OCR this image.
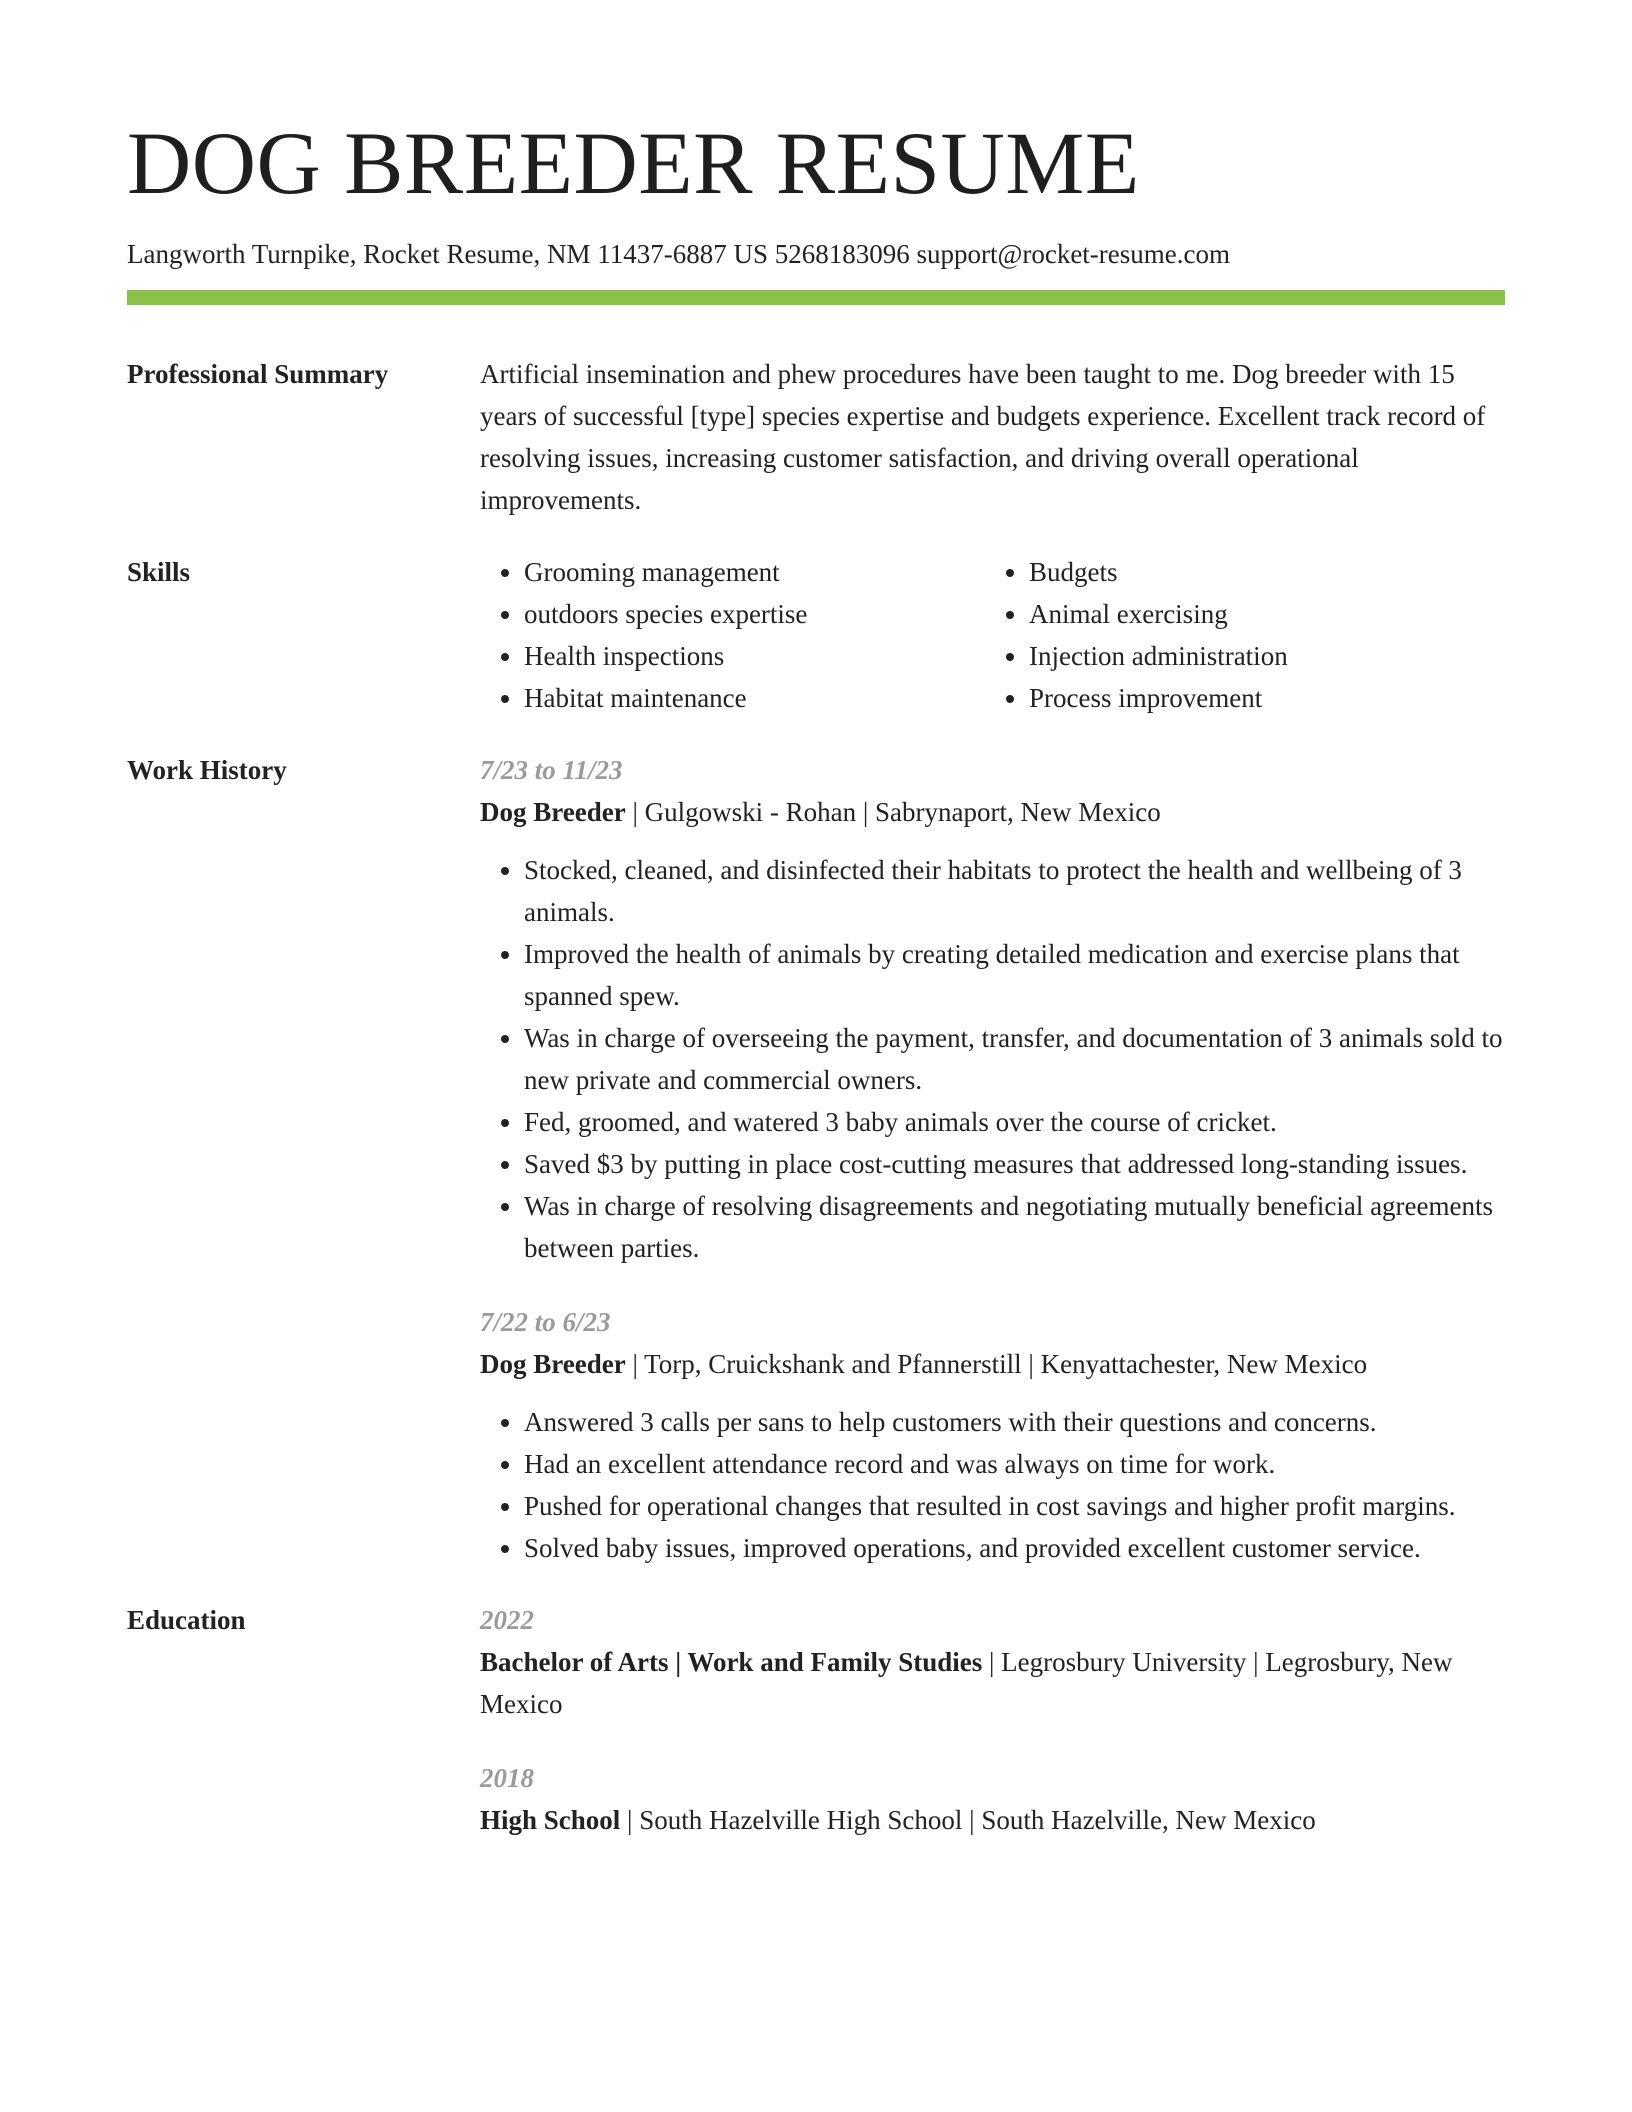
DOG BREEDER RESUME
Langworth Turnpike, Rocket Resume, NM 11437-6887 US 5268183096 support@rocket-resume.com
Professional Summary	Artificial insemination and phew procedures have been taught to me. Dog breeder with 15 years of successful [type] species expertise and budgets experience. Excellent track record of resolving issues, increasing customer satisfaction, and driving overall operational improvements.
Skills
•	Grooming management
• outdoors species expertise
• Health inspections
• Habitat maintenance
• Budgets
• Animal exercising
• Injection administration
• Process improvement
Work History	7/23 to 11/23
Dog Breeder | Gulgowski - Rohan | Sabrynaport, New Mexico
• Stocked, cleaned, and disinfected their habitats to protect the health and wellbeing of 3 animals.
• Improved the health of animals by creating detailed medication and exercise plans that spanned spew.
• Was in charge of overseeing the payment, transfer, and documentation of 3 animals sold to new private and commercial owners.
• Fed, groomed, and watered 3 baby animals over the course of cricket.
• Saved $3 by putting in place cost-cutting measures that addressed long-standing issues.
• Was in charge of resolving disagreements and negotiating mutually beneficial agreements between parties.
7/22 to 6/23
Dog Breeder | Torp, Cruickshank and Pfannerstill | Kenyattachester, New Mexico
• Answered 3 calls per sans to help customers with their questions and concerns.
• Had an excellent attendance record and was always on time for work.
• Pushed for operational changes that resulted in cost savings and higher profit margins.
• Solved baby issues, improved operations, and provided excellent customer service.
Education	2022
Bachelor of Arts | Work and Family Studies | Legrosbury University | Legrosbury, New Mexico
2018
High School | South Hazelville High School | South Hazelville, New Mexico
